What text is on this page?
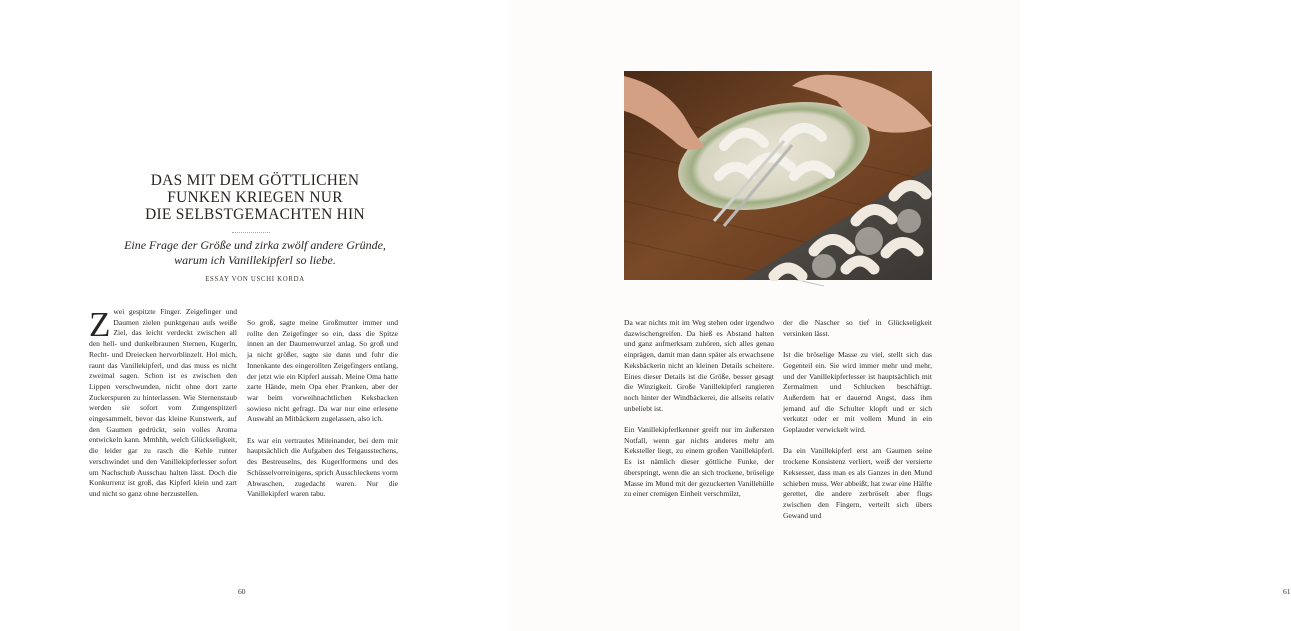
DAS MIT DEM GÖTTLICHEN
FUNKEN KRIEGEN NUR
DIE SELBSTGEMACHTEN HIN
Eine Frage der Größe und zirka zwölf andere Gründe,
warum ich Vanillekipferl so liebe.
ESSAY VON USCHI KORDA

Zwei gespitzte Finger. Zeigefinger und Daumen zielen punktgenau aufs weiße Ziel, das leicht verdeckt zwischen all den hell- und dunkelbraunen Sternen, Kugerln, Recht- und Dreiecken hervorblinzelt. Hol mich, raunt das Vanillekipferl, und das muss es nicht zweimal sagen. Schon ist es zwischen den Lippen verschwunden, nicht ohne dort zarte Zuckerspuren zu hinterlassen. Wie Sternenstaub werden sie sofort vom Zungenspitzerl eingesammelt, bevor das kleine Kunstwerk, auf den Gaumen gedrückt, sein volles Aroma entwickeln kann. Mmhhh, welch Glückseligkeit, die leider gar zu rasch die Kehle runter verschwindet und den Vanillekipferlesser sofort um Nachschub Ausschau halten lässt. Doch die Konkurrenz ist groß, das Kipferl klein und zart und nicht so ganz ohne herzustellen.

So groß, sagte meine Großmutter immer und rollte den Zeigefinger so ein, dass die Spitze innen an der Daumenwurzel anlag. So groß und ja nicht größer, sagte sie dann und fuhr die Innenkante des eingerollten Zeigefingers entlang, der jetzt wie ein Kipferl aussah. Meine Oma hatte zarte Hände, mein Opa eher Pranken, aber der war beim vorweihnachtlichen Keksbacken sowieso nicht gefragt. Da war nur eine erlesene Auswahl an Mitbäckern zugelassen, also ich.

Es war ein vertrautes Miteinander, bei dem mir hauptsächlich die Aufgaben des Teigausstechens, des Bestreuselns, des Kugerlformens und des Schüsselvorreinigens, sprich Ausschleckens vorm Abwaschen, zugedacht waren. Nur die Vanillekipferl waren tabu.

60	61

Da war nichts mit im Weg stehen oder irgendwo dazwischengreifen. Da hieß es Abstand halten und ganz aufmerksam zuhören, sich alles genau einprägen, damit man dann später als erwachsene Keksbäckerin nicht an kleinen Details scheitere. Eines dieser Details ist die Größe, besser gesagt die Winzigkeit. Große Vanillekipferl rangieren noch hinter der Windbäckerei, die allseits relativ unbeliebt ist.

Ein Vanillekipferlkenner greift nur im äußersten Notfall, wenn gar nichts anderes mehr am Keksteller liegt, zu einem großen Vanillekipferl. Es ist nämlich dieser göttliche Funke, der überspringt, wenn die an sich trockene, bröselige Masse im Mund mit der gezuckerten Vanillehülle zu einer cremigen Einheit verschmilzt,

der die Nascher so tief in Glückseligkeit versinken lässt.

Ist die bröselige Masse zu viel, stellt sich das Gegenteil ein. Sie wird immer mehr und mehr, und der Vanillekipferlesser ist hauptsächlich mit Zermalmen und Schlucken beschäftigt. Außerdem hat er dauernd Angst, dass ihm jemand auf die Schulter klopft und er sich verkutzt oder er mit vollem Mund in ein Geplauder verwickelt wird.

Da ein Vanillekipferl erst am Gaumen seine trockene Konsistenz verliert, weiß der versierte Keksesser, dass man es als Ganzes in den Mund schieben muss. Wer abbeißt, hat zwar eine Hälfte gerettet, die andere zerbröselt aber flugs zwischen den Fingern, verteilt sich übers Gewand und
